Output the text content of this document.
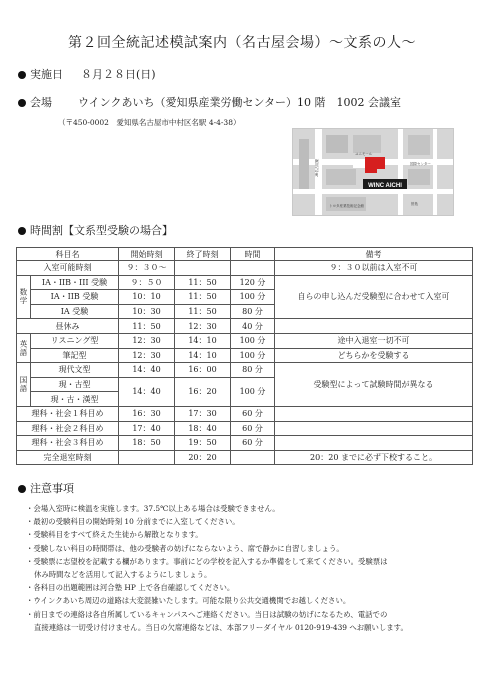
第２回全統記述模試案内（名古屋会場）～文系の人～
実施日 ８月２８日(日)
会場 ウインクあいち（愛知県産業労働センター）10 階　1002 会議室
（〒450-0002　愛知県名古屋市中村区名駅 4-4-38）
WINC AICHI
JR名古屋駅
ユニモール
国際センター
トヨタ産業技術記念館	笹島
時間割【文系型受験の場合】
科目名		開始時刻	終了時刻	時間	備考
入室可能時刻		９：３０～			９：３０以前は入室不可
数学	IA・IIB・III 受験	９：５０	11：50	120 分	自らの申し込んだ受験型に合わせて入室可
	IA・IIB 受験	10：10	11：50	100 分	
	IA 受験	10：30	11：50	80 分	
昼休み		11：50	12：30	40 分	
英語	リスニング型	12：30	14：10	100 分	途中入退室一切不可
	筆記型	12：30	14：10	100 分	どちらかを受験する
国語	現代文型	14：40	16：00	80 分	受験型によって試験時間が異なる
	現・古型	14：40	16：20	100 分	
	現・古・漢型				
理科・社会１科目め		16：30	17：30	60 分	
理科・社会２科目め		17：40	18：40	60 分	
理科・社会３科目め		18：50	19：50	60 分	
完全退室時刻			20：20		20：20 までに必ず下校すること。
注意事項
・会場入室時に検温を実施します。37.5℃以上ある場合は受験できません。
・最初の受験科目の開始時刻 10 分前までに入室してください。
・受験科目をすべて終えた生徒から解散となります。
・受験しない科目の時間帯は、他の受験者の妨げにならないよう、席で静かに自習しましょう。
・受験票に志望校を記載する欄があります。事前にどの学校を記入するか準備をして来てください。受験票は
休み時間などを活用して記入するようにしましょう。
・各科目の出題範囲は河合塾 HP 上で各自確認してください。
・ウインクあいち周辺の道路は大変混雑いたします。可能な限り公共交通機関でお越しください。
・前日までの連絡は各自所属しているキャンパスへご連絡ください。当日は試験の妨げになるため、電話での
直接連絡は一切受け付けません。当日の欠席連絡などは、本部フリーダイヤル 0120-919-439 へお願いします。
